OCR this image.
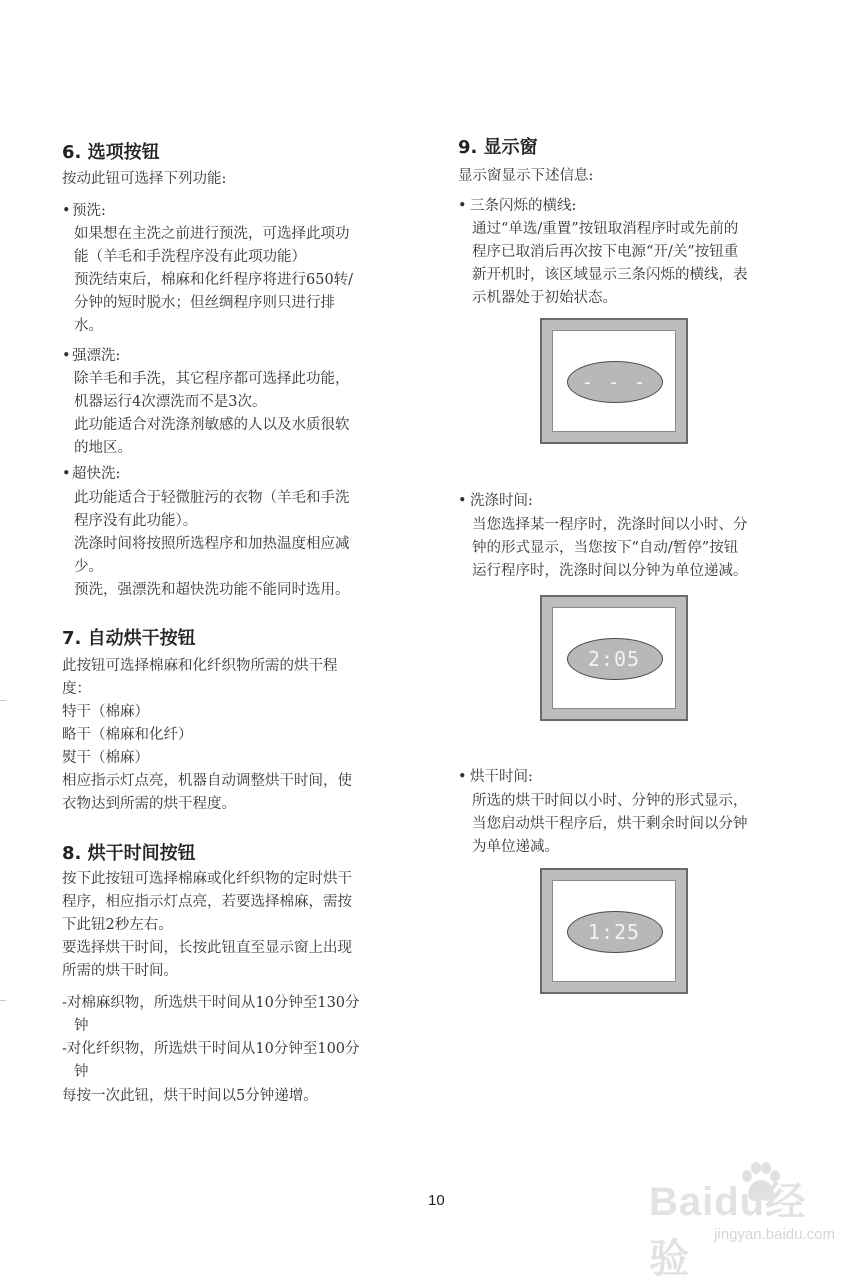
6. 选项按钮
按动此钮可选择下列功能:
• 预洗:

如果想在主洗之前进行预洗，可选择此项功

能（羊毛和手洗程序没有此项功能）

预洗结束后，棉麻和化纤程序将进行650转/

分钟的短时脱水；但丝绸程序则只进行排

水。

• 强漂洗:

除羊毛和手洗，其它程序都可选择此功能，

机器运行4次漂洗而不是3次。

此功能适合对洗涤剂敏感的人以及水质很软

的地区。

• 超快洗:

此功能适合于轻微脏污的衣物（羊毛和手洗

程序没有此功能）。

洗涤时间将按照所选程序和加热温度相应减

少。

预洗，强漂洗和超快洗功能不能同时选用。

7. 自动烘干按钮

此按钮可选择棉麻和化纤织物所需的烘干程

度：

特干（棉麻）

略干（棉麻和化纤）

熨干（棉麻）

相应指示灯点亮，机器自动调整烘干时间，使

衣物达到所需的烘干程度。

8. 烘干时间按钮

按下此按钮可选择棉麻或化纤织物的定时烘干

程序，相应指示灯点亮，若要选择棉麻，需按

下此钮2秒左右。

要选择烘干时间，长按此钮直至显示窗上出现

所需的烘干时间。

-对棉麻织物，所选烘干时间从10分钟至130分

钟

-对化纤织物，所选烘干时间从10分钟至100分

钟

每按一次此钮，烘干时间以5分钟递增。
9. 显示窗
显示窗显示下述信息:
• 三条闪烁的横线:

通过“单选/重置”按钮取消程序时或先前的

程序已取消后再次按下电源“开/关”按钮重

新开机时，该区域显示三条闪烁的横线，表

示机器处于初始状态。

- - -
• 洗涤时间:

当您选择某一程序时，洗涤时间以小时、分

钟的形式显示，当您按下“自动/暂停”按钮

运行程序时，洗涤时间以分钟为单位递减。

2:05
• 烘干时间:

所选的烘干时间以小时、分钟的形式显示，

当您启动烘干程序后，烘干剩余时间以分钟

为单位递减。

1:25
10	Baidu经验
jingyan.baidu.com
